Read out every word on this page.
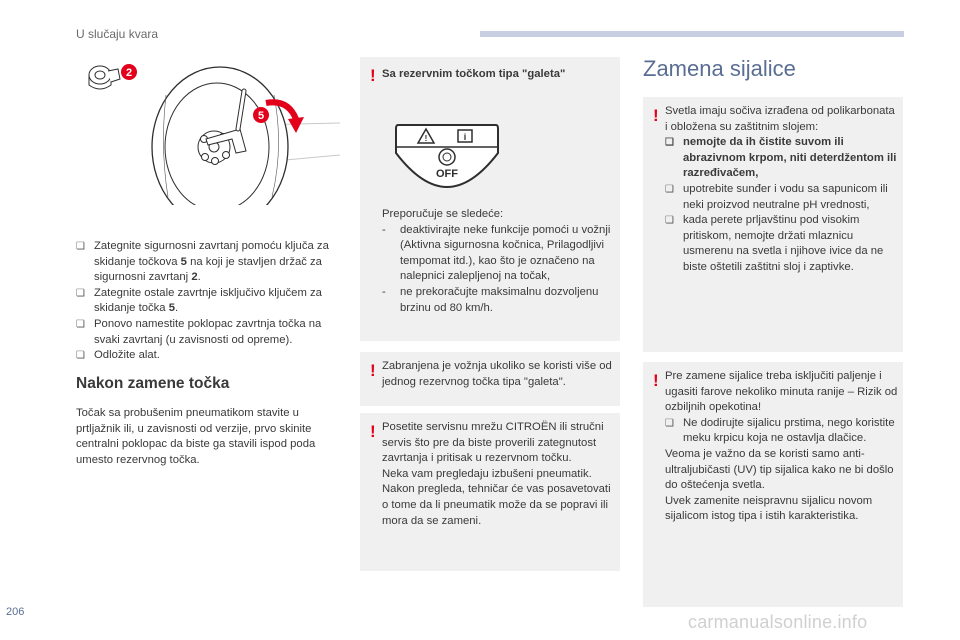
U slučaju kvara
5
2
❏ Zategnite sigurnosni zavrtanj pomoću ključa za skidanje točkova 5 na koji je stavljen držač za sigurnosni zavrtanj 2.
❏ Zategnite ostale zavrtnje isključivo ključem za skidanje točka 5.
❏ Ponovo namestite poklopac zavrtnja točka na svaki zavrtanj (u zavisnosti od opreme).
❏ Odložite alat.
Nakon zamene točka
Točak sa probušenim pneumatikom stavite u prtljažnik ili, u zavisnosti od verzije, prvo skinite centralni poklopac da biste ga stavili ispod poda umesto rezervnog točka.
! Sa rezervnim točkom tipa "galeta"
!	i
OFF
Preporučuje se sledeće:
- deaktivirajte neke funkcije pomoći u vožnji (Aktivna sigurnosna kočnica, Prilagodljivi tempomat itd.), kao što je označeno na nalepnici zalepljenoj na točak,
- ne prekoračujte maksimalnu dozvoljenu brzinu od 80 km/h.
! Zabranjena je vožnja ukoliko se koristi više od jednog rezervnog točka tipa "galeta".
! Posetite servisnu mrežu CITROËN ili stručni servis što pre da biste proverili zategnutost zavrtanja i pritisak u rezervnom točku.
Neka vam pregledaju izbušeni pneumatik. Nakon pregleda, tehničar će vas posavetovati o tome da li pneumatik može da se popravi ili mora da se zameni.
Zamena sijalice
! Svetla imaju sočiva izrađena od polikarbonata i obložena su zaštitnim slojem:
❏ nemojte da ih čistite suvom ili abrazivnom krpom, niti deterdžentom ili razređivačem,
❏ upotrebite sunđer i vodu sa sapunicom ili neki proizvod neutralne pH vrednosti,
❏ kada perete prljavštinu pod visokim pritiskom, nemojte držati mlaznicu usmerenu na svetla i njihove ivice da ne biste oštetili zaštitni sloj i zaptivke.
! Pre zamene sijalice treba isključiti paljenje i ugasiti farove nekoliko minuta ranije – Rizik od ozbiljnih opekotina!
❏ Ne dodirujte sijalicu prstima, nego koristite meku krpicu koja ne ostavlja dlačice.
Veoma je važno da se koristi samo anti-ultraljubičasti (UV) tip sijalica kako ne bi došlo do oštećenja svetla.
Uvek zamenite neispravnu sijalicu novom sijalicom istog tipa i istih karakteristika.
206	carmanualsonline.info
